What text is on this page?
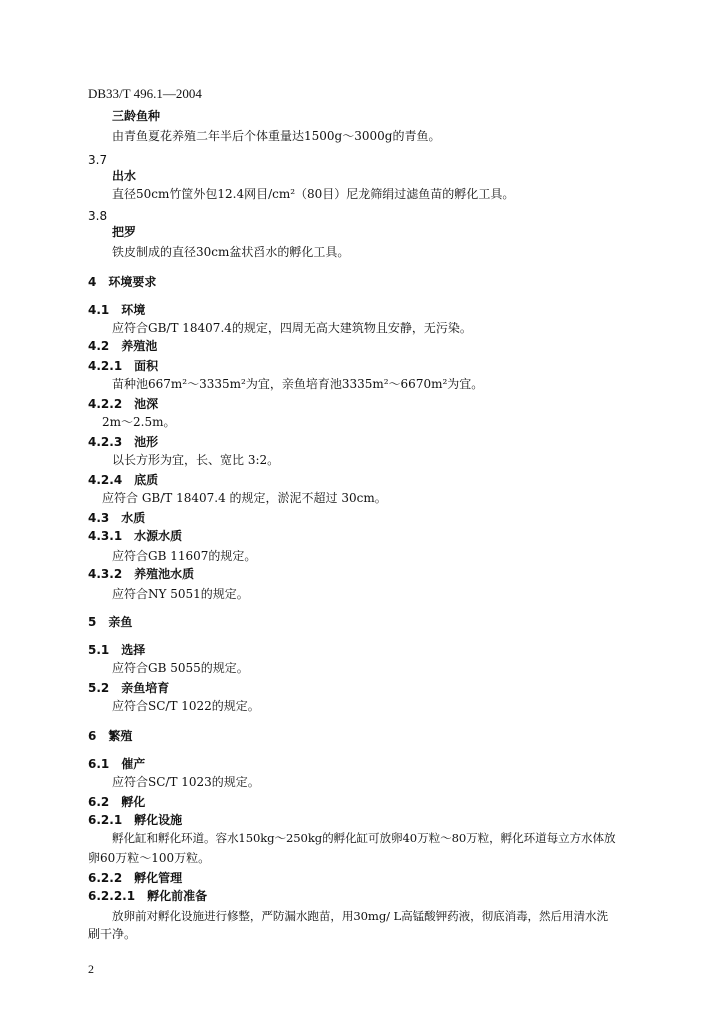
DB33/T 496.1—2004
三龄鱼种
由青鱼夏花养殖二年半后个体重量达1500g～3000g的青鱼。
3.7
出水
直径50cm竹筐外包12.4网目/cm²（80目）尼龙筛绢过滤鱼苗的孵化工具。
3.8
把罗
铁皮制成的直径30cm盆状舀水的孵化工具。
4　环境要求
4.1　环境
应符合GB/T 18407.4的规定，四周无高大建筑物且安静，无污染。
4.2　养殖池
4.2.1　面积
苗种池667m²～3335m²为宜，亲鱼培育池3335m²～6670m²为宜。
4.2.2　池深
2m～2.5m。
4.2.3　池形
以长方形为宜，长、宽比 3:2。
4.2.4　底质
应符合 GB/T 18407.4 的规定，淤泥不超过 30cm。
4.3　水质
4.3.1　水源水质
应符合GB 11607的规定。
4.3.2　养殖池水质
应符合NY 5051的规定。
5　亲鱼
5.1　选择
应符合GB 5055的规定。
5.2　亲鱼培育
应符合SC/T 1022的规定。
6　繁殖
6.1　催产
应符合SC/T 1023的规定。
6.2　孵化
6.2.1　孵化设施
孵化缸和孵化环道。容水150kg～250kg的孵化缸可放卵40万粒～80万粒，孵化环道每立方水体放
卵60万粒～100万粒。
6.2.2　孵化管理
6.2.2.1　孵化前准备
放卵前对孵化设施进行修整，严防漏水跑苗，用30mg/ L高锰酸钾药液，彻底消毒，然后用清水洗
刷干净。
2
